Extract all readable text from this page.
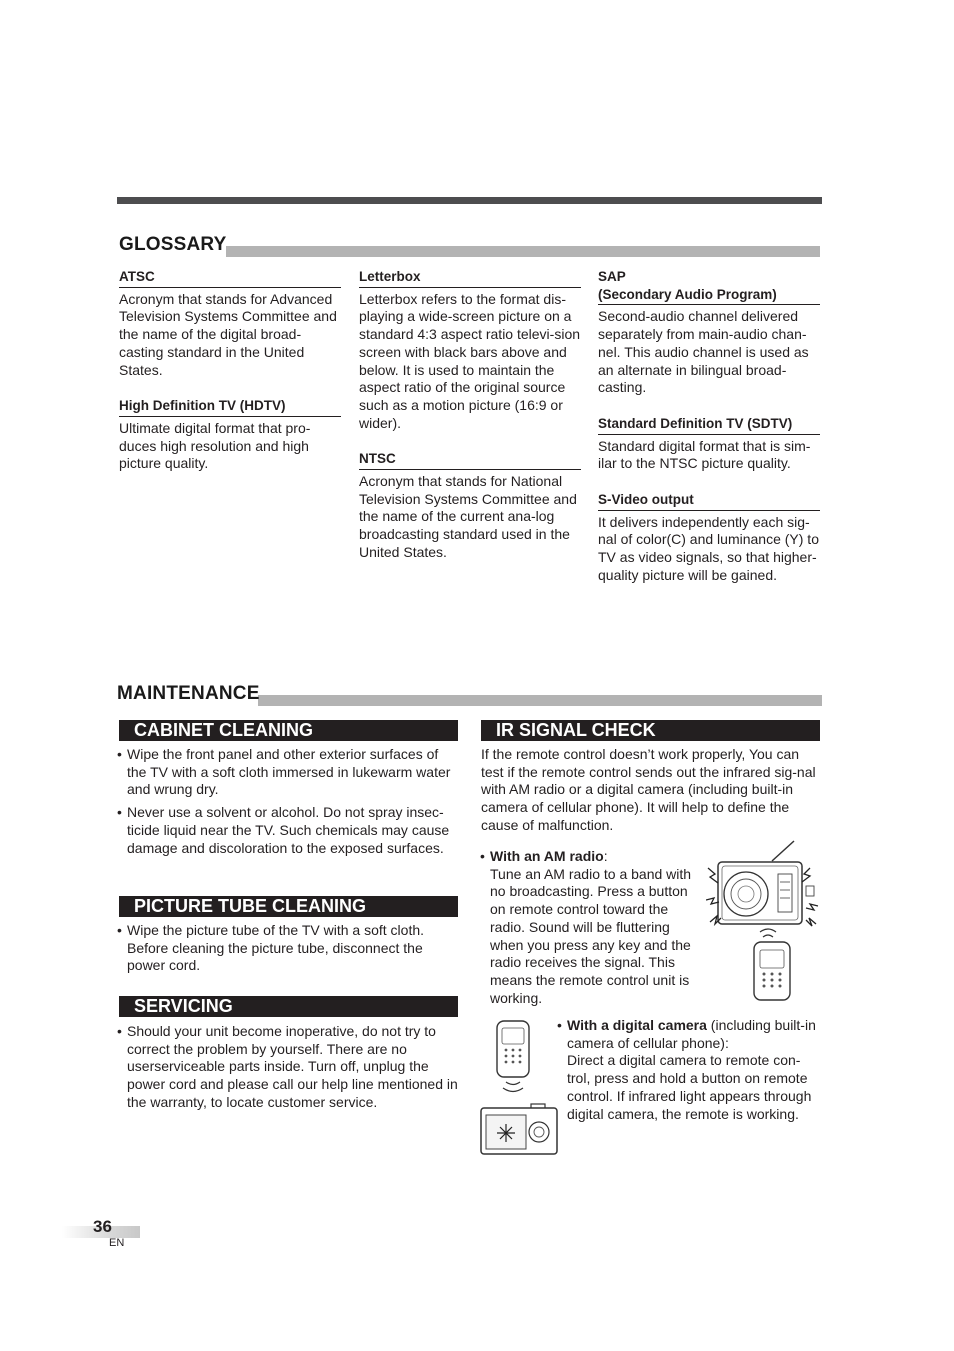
GLOSSARY
ATSC
Acronym that stands for Advanced Television Systems Committee and the name of the digital broad-casting standard in the United States.
High Definition TV (HDTV)
Ultimate digital format that pro-duces high resolution and high picture quality.
Letterbox
Letterbox refers to the format dis-playing a wide-screen picture on a standard 4:3 aspect ratio televi-sion screen with black bars above and below. It is used to maintain the aspect ratio of the original source such as a motion picture (16:9 or wider).
NTSC
Acronym that stands for National Television Systems Committee and the name of the current ana-log broadcasting standard used in the United States.
SAP
(Secondary Audio Program)
Second-audio channel delivered separately from main-audio chan-nel. This audio channel is used as an alternate in bilingual broad-casting.
Standard Definition TV (SDTV)
Standard digital format that is sim-ilar to the NTSC picture quality.
S-Video output
It delivers independently each sig-nal of color(C) and luminance (Y) to TV as video signals, so that higher-quality picture will be gained.
MAINTENANCE
CABINET CLEANING
• Wipe the front panel and other exterior surfaces of the TV with a soft cloth immersed in lukewarm water and wrung dry.
• Never use a solvent or alcohol. Do not spray insec-ticide liquid near the TV. Such chemicals may cause damage and discoloration to the exposed surfaces.
PICTURE TUBE CLEANING
• Wipe the picture tube of the TV with a soft cloth. Before cleaning the picture tube, disconnect the power cord.
SERVICING
• Should your unit become inoperative, do not try to correct the problem by yourself. There are no userserviceable parts inside. Turn off, unplug the power cord and please call our help line mentioned in the warranty, to locate customer service.
IR SIGNAL CHECK
If the remote control doesn’t work properly, You can test if the remote control sends out the infrared sig-nal with AM radio or a digital camera (including built-in camera of cellular phone). It will help to define the cause of malfunction.
• With an AM radio:
Tune an AM radio to a band with no broadcasting. Press a button on remote control toward the radio. Sound will be fluttering when you press any key and the radio receives the signal. This means the remote control unit is working.
• With a digital camera (including built-in camera of cellular phone):
Direct a digital camera to remote con-trol, press and hold a button on remote control. If infrared light appears through digital camera, the remote is working.
36
EN
